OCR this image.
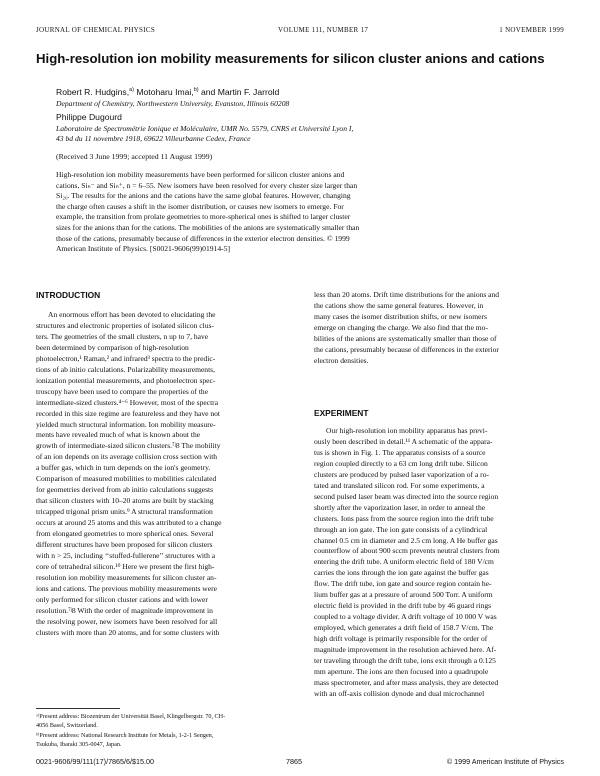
JOURNAL OF CHEMICAL PHYSICS	VOLUME 111, NUMBER 17	1 NOVEMBER 1999
High-resolution ion mobility measurements for silicon cluster anions and cations
Robert R. Hudgins,$^{a)}$ Motoharu Imai,$^{b)}$ and Martin F. Jarrold
Department of Chemistry, Northwestern University, Evanston, Illinois 60208
Philippe Dugourd
Laboratoire de Spectrométrie Ionique et Moléculaire, UMR No. 5579, CNRS et Université Lyon I,
43 bd du 11 novembre 1918, 69622 Villeurbanne Cedex, France
(Received 3 June 1999; accepted 11 August 1999)
High-resolution ion mobility measurements have been performed for silicon cluster anions and
cations, Siₙ⁻ and Siₙ⁺, n = 6–55. New isomers have been resolved for every cluster size larger than
Si₂₀. The results for the anions and the cations have the same global features. However, changing
the charge often causes a shift in the isomer distribution, or causes new isomers to emerge. For
example, the transition from prolate geometries to more-spherical ones is shifted to larger cluster
sizes for the anions than for the cations. The mobilities of the anions are systematically smaller than
those of the cations, presumably because of differences in the exterior electron densities. © 1999
American Institute of Physics. [S0021-9606(99)01914-5]
INTRODUCTION
An enormous effort has been devoted to elucidating the
structures and electronic properties of isolated silicon clus-
ters. The geometries of the small clusters, n up to 7, have
been determined by comparison of high-resolution
photoelectron,¹ Raman,² and infrared³ spectra to the predic-
tions of ab initio calculations. Polarizability measurements,
ionization potential measurements, and photoelectron spec-
troscopy have been used to compare the properties of the
intermediate-sized clusters.⁴⁻⁶ However, most of the spectra
recorded in this size regime are featureless and they have not
yielded much structural information. Ion mobility measure-
ments have revealed much of what is known about the
growth of intermediate-sized silicon clusters.⁷ʲ8 The mobility
of an ion depends on its average collision cross section with
a buffer gas, which in turn depends on the ion's geometry.
Comparison of measured mobilities to mobilities calculated
for geometries derived from ab initio calculations suggests
that silicon clusters with 10–20 atoms are built by stacking
tricapped trigonal prism units.⁹ A structural transformation
occurs at around 25 atoms and this was attributed to a change
from elongated geometries to more spherical ones. Several
different structures have been proposed for silicon clusters
with n > 25, including ‘‘stuffed-fullerene’’ structures with a
core of tetrahedral silicon.¹⁰ Here we present the first high-
resolution ion mobility measurements for silicon cluster an-
ions and cations. The previous mobility measurements were
only performed for silicon cluster cations and with lower
resolution.⁷ʲ8 With the order of magnitude improvement in
the resolving power, new isomers have been resolved for all
clusters with more than 20 atoms, and for some clusters with
less than 20 atoms. Drift time distributions for the anions and
the cations show the same general features. However, in
many cases the isomer distribution shifts, or new isomers
emerge on changing the charge. We also find that the mo-
bilities of the anions are systematically smaller than those of
the cations, presumably because of differences in the exterior
electron densities.
EXPERIMENT
Our high-resolution ion mobility apparatus has previ-
ously been described in detail.¹¹ A schematic of the appara-
tus is shown in Fig. 1. The apparatus consists of a source
region coupled directly to a 63 cm long drift tube. Silicon
clusters are produced by pulsed laser vaporization of a ro-
tated and translated silicon rod. For some experiments, a
second pulsed laser beam was directed into the source region
shortly after the vaporization laser, in order to anneal the
clusters. Ions pass from the source region into the drift tube
through an ion gate. The ion gate consists of a cylindrical
channel 0.5 cm in diameter and 2.5 cm long. A He buffer gas
counterflow of about 900 sccm prevents neutral clusters from
entering the drift tube. A uniform electric field of 180 V/cm
carries the ions through the ion gate against the buffer gas
flow. The drift tube, ion gate and source region contain he-
lium buffer gas at a pressure of around 500 Torr. A uniform
electric field is provided in the drift tube by 46 guard rings
coupled to a voltage divider. A drift voltage of 10 000 V was
employed, which generates a drift field of 158.7 V/cm. The
high drift voltage is primarily responsible for the order of
magnitude improvement in the resolution achieved here. Af-
ter traveling through the drift tube, ions exit through a 0.125
mm aperture. The ions are then focused into a quadrupole
mass spectrometer, and after mass analysis, they are detected
with an off-axis collision dynode and dual microchannel
ᵃ⁾Present address: Biozentrum der Universität Basel, Klingelbergstr. 70, CH-
4056 Basel, Switzerland.
ᵇ⁾Present address: National Research Institute for Metals, 1-2-1 Sengen,
Tsukuba, Ibaraki 305-0047, Japan.
0021-9606/99/111(17)/7865/6/$15.00	7865	© 1999 American Institute of Physics
